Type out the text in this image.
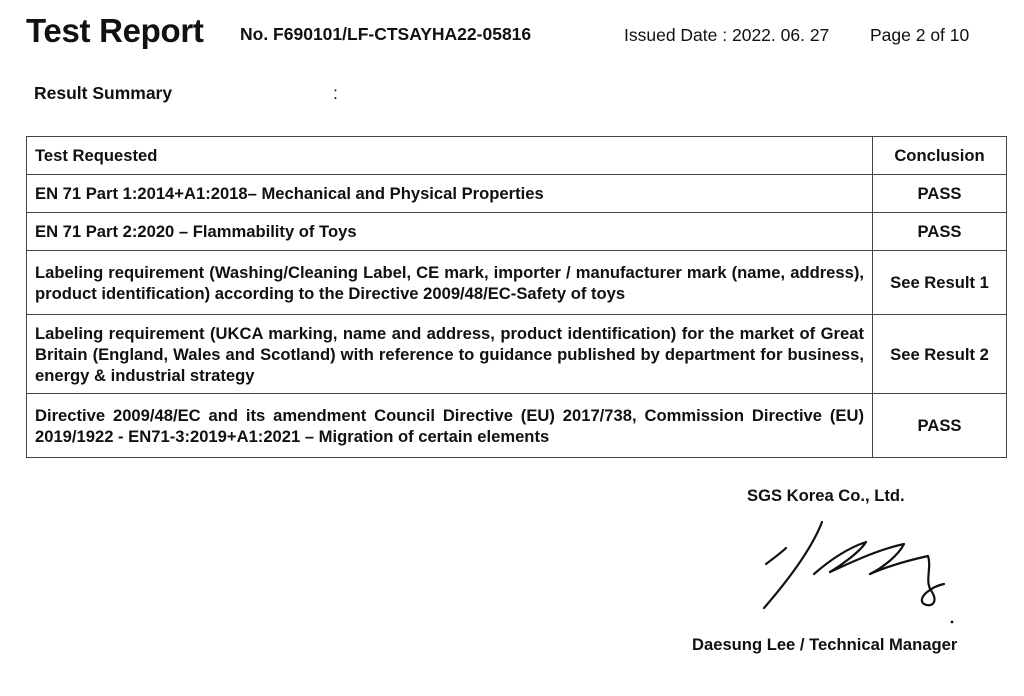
Test Report No. F690101/LF-CTSAYHA22-05816	Issued Date : 2022. 06. 27 Page 2 of 10
Result Summary	:
Test Requested	Conclusion
EN 71 Part 1:2014+A1:2018– Mechanical and Physical Properties	PASS
EN 71 Part 2:2020 – Flammability of Toys	PASS
Labeling requirement (Washing/Cleaning Label, CE mark, importer / manufacturer mark (name, address), product identification) according to the Directive 2009/48/EC-Safety of toys	See Result 1
Labeling requirement (UKCA marking, name and address, product identification) for the market of Great Britain (England, Wales and Scotland) with reference to guidance published by department for business, energy & industrial strategy	See Result 2
Directive 2009/48/EC and its amendment Council Directive (EU) 2017/738, Commission Directive (EU) 2019/1922 - EN71-3:2019+A1:2021 – Migration of certain elements	PASS
SGS Korea Co., Ltd.
Daesung Lee / Technical Manager
